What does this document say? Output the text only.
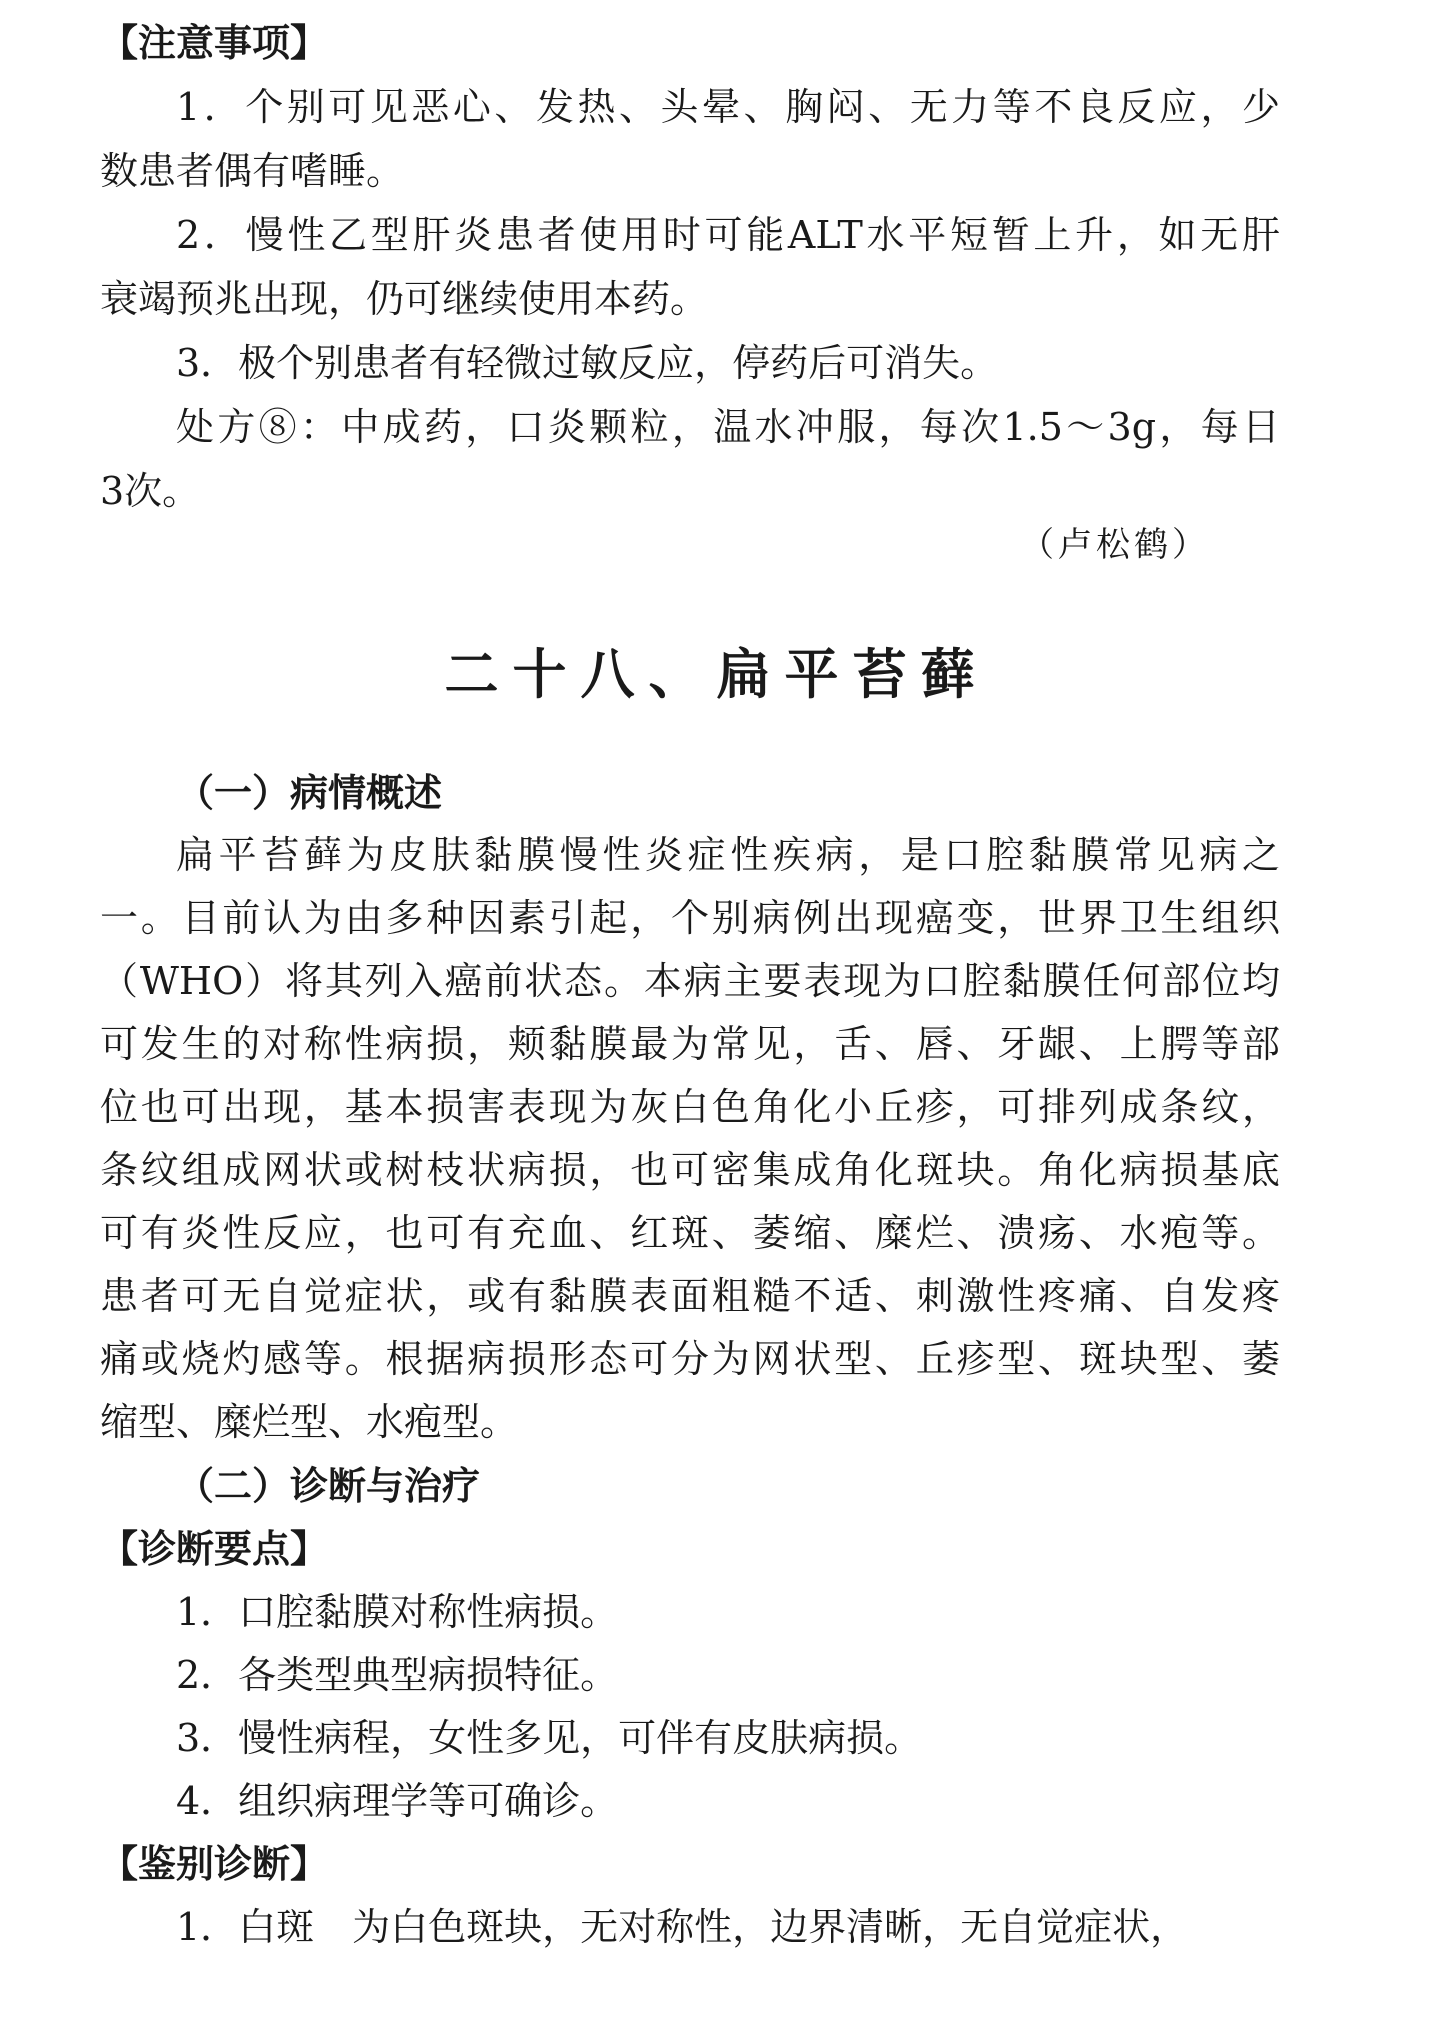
【注意事项】
1．个别可见恶心、发热、头晕、胸闷、无力等不良反应，少
数患者偶有嗜睡。
2．慢性乙型肝炎患者使用时可能ALT水平短暂上升，如无肝
衰竭预兆出现，仍可继续使用本药。
3．极个别患者有轻微过敏反应，停药后可消失。
处方⑧：中成药，口炎颗粒，温水冲服，每次1.5～3g，每日
3次。
（卢松鹤）
二十八、扁平苔藓
（一）病情概述
扁平苔藓为皮肤黏膜慢性炎症性疾病，是口腔黏膜常见病之
一。目前认为由多种因素引起，个别病例出现癌变，世界卫生组织
（WHO）将其列入癌前状态。本病主要表现为口腔黏膜任何部位均
可发生的对称性病损，颊黏膜最为常见，舌、唇、牙龈、上腭等部
位也可出现，基本损害表现为灰白色角化小丘疹，可排列成条纹，
条纹组成网状或树枝状病损，也可密集成角化斑块。角化病损基底
可有炎性反应，也可有充血、红斑、萎缩、糜烂、溃疡、水疱等。
患者可无自觉症状，或有黏膜表面粗糙不适、刺激性疼痛、自发疼
痛或烧灼感等。根据病损形态可分为网状型、丘疹型、斑块型、萎
缩型、糜烂型、水疱型。
（二）诊断与治疗
【诊断要点】
1．口腔黏膜对称性病损。
2．各类型典型病损特征。
3．慢性病程，女性多见，可伴有皮肤病损。
4．组织病理学等可确诊。
【鉴别诊断】
1．白斑　为白色斑块，无对称性，边界清晰，无自觉症状，
